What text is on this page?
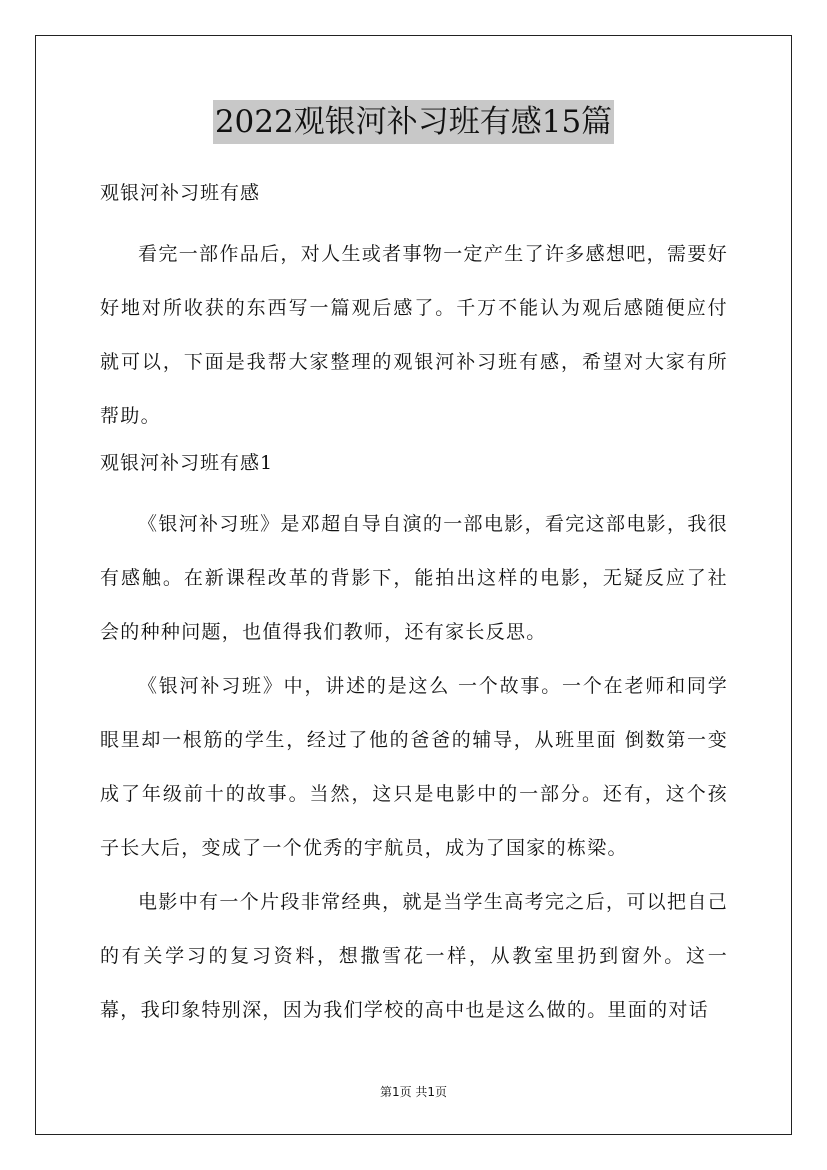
2022观银河补习班有感15篇

观银河补习班有感

看完一部作品后，对人生或者事物一定产生了许多感想吧，需要好好地对所收获的东西写一篇观后感了。千万不能认为观后感随便应付就可以，下面是我帮大家整理的观银河补习班有感，希望对大家有所帮助。

观银河补习班有感1

《银河补习班》是邓超自导自演的一部电影，看完这部电影，我很有感触。在新课程改革的背影下，能拍出这样的电影，无疑反应了社会的种种问题，也值得我们教师，还有家长反思。

《银河补习班》中，讲述的是这么 一个故事。一个在老师和同学眼里却一根筋的学生，经过了他的爸爸的辅导，从班里面 倒数第一变成了年级前十的故事。当然，这只是电影中的一部分。还有，这个孩子长大后，变成了一个优秀的宇航员，成为了国家的栋梁。

电影中有一个片段非常经典，就是当学生高考完之后，可以把自己的有关学习的复习资料，想撒雪花一样，从教室里扔到窗外。这一幕，我印象特别深，因为我们学校的高中也是这么做的。里面的对话

第1页 共1页
